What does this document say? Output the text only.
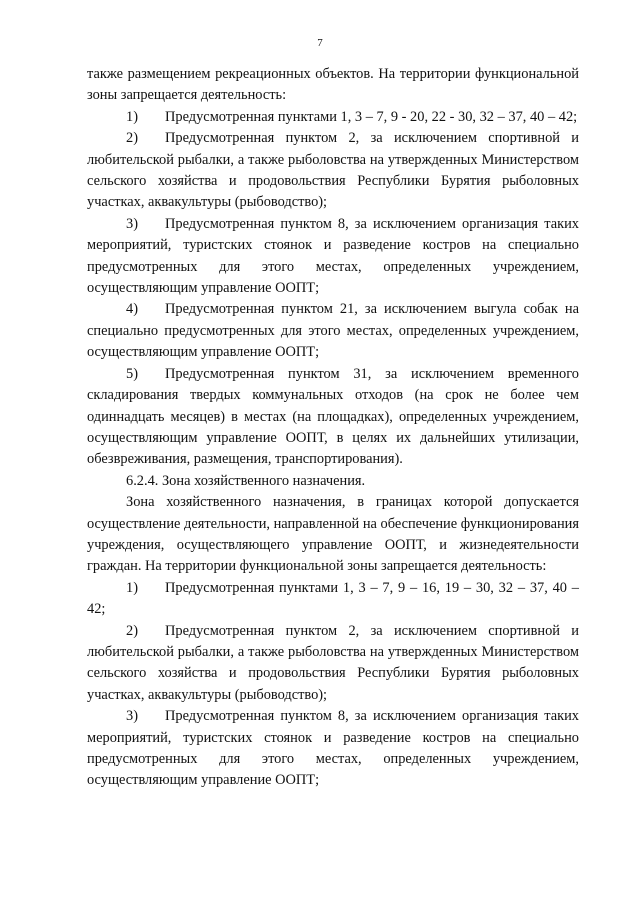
7

также размещением рекреационных объектов. На территории функциональной зоны запрещается деятельность:

1) Предусмотренная пунктами 1, 3 – 7, 9 - 20, 22 - 30, 32 – 37, 40 – 42;

2) Предусмотренная пунктом 2, за исключением спортивной и любительской рыбалки, а также рыболовства на утвержденных Министерством сельского хозяйства и продовольствия Республики Бурятия рыболовных участках, аквакультуры (рыбоводство);

3) Предусмотренная пунктом 8, за исключением организация таких мероприятий, туристских стоянок и разведение костров на специально предусмотренных для этого местах, определенных учреждением, осуществляющим управление ООПТ;

4) Предусмотренная пунктом 21, за исключением выгула собак на специально предусмотренных для этого местах, определенных учреждением, осуществляющим управление ООПТ;

5) Предусмотренная пунктом 31, за исключением временного складирования твердых коммунальных отходов (на срок не более чем одиннадцать месяцев) в местах (на площадках), определенных учреждением, осуществляющим управление ООПТ, в целях их дальнейших утилизации, обезвреживания, размещения, транспортирования).

6.2.4. Зона хозяйственного назначения.

Зона хозяйственного назначения, в границах которой допускается осуществление деятельности, направленной на обеспечение функционирования учреждения, осуществляющего управление ООПТ, и жизнедеятельности граждан. На территории функциональной зоны запрещается деятельность:

1) Предусмотренная пунктами 1, 3 – 7, 9 – 16, 19 – 30, 32 – 37, 40 – 42;

2) Предусмотренная пунктом 2, за исключением спортивной и любительской рыбалки, а также рыболовства на утвержденных Министерством сельского хозяйства и продовольствия Республики Бурятия рыболовных участках, аквакультуры (рыбоводство);

3) Предусмотренная пунктом 8, за исключением организация таких мероприятий, туристских стоянок и разведение костров на специально предусмотренных для этого местах, определенных учреждением, осуществляющим управление ООПТ;
